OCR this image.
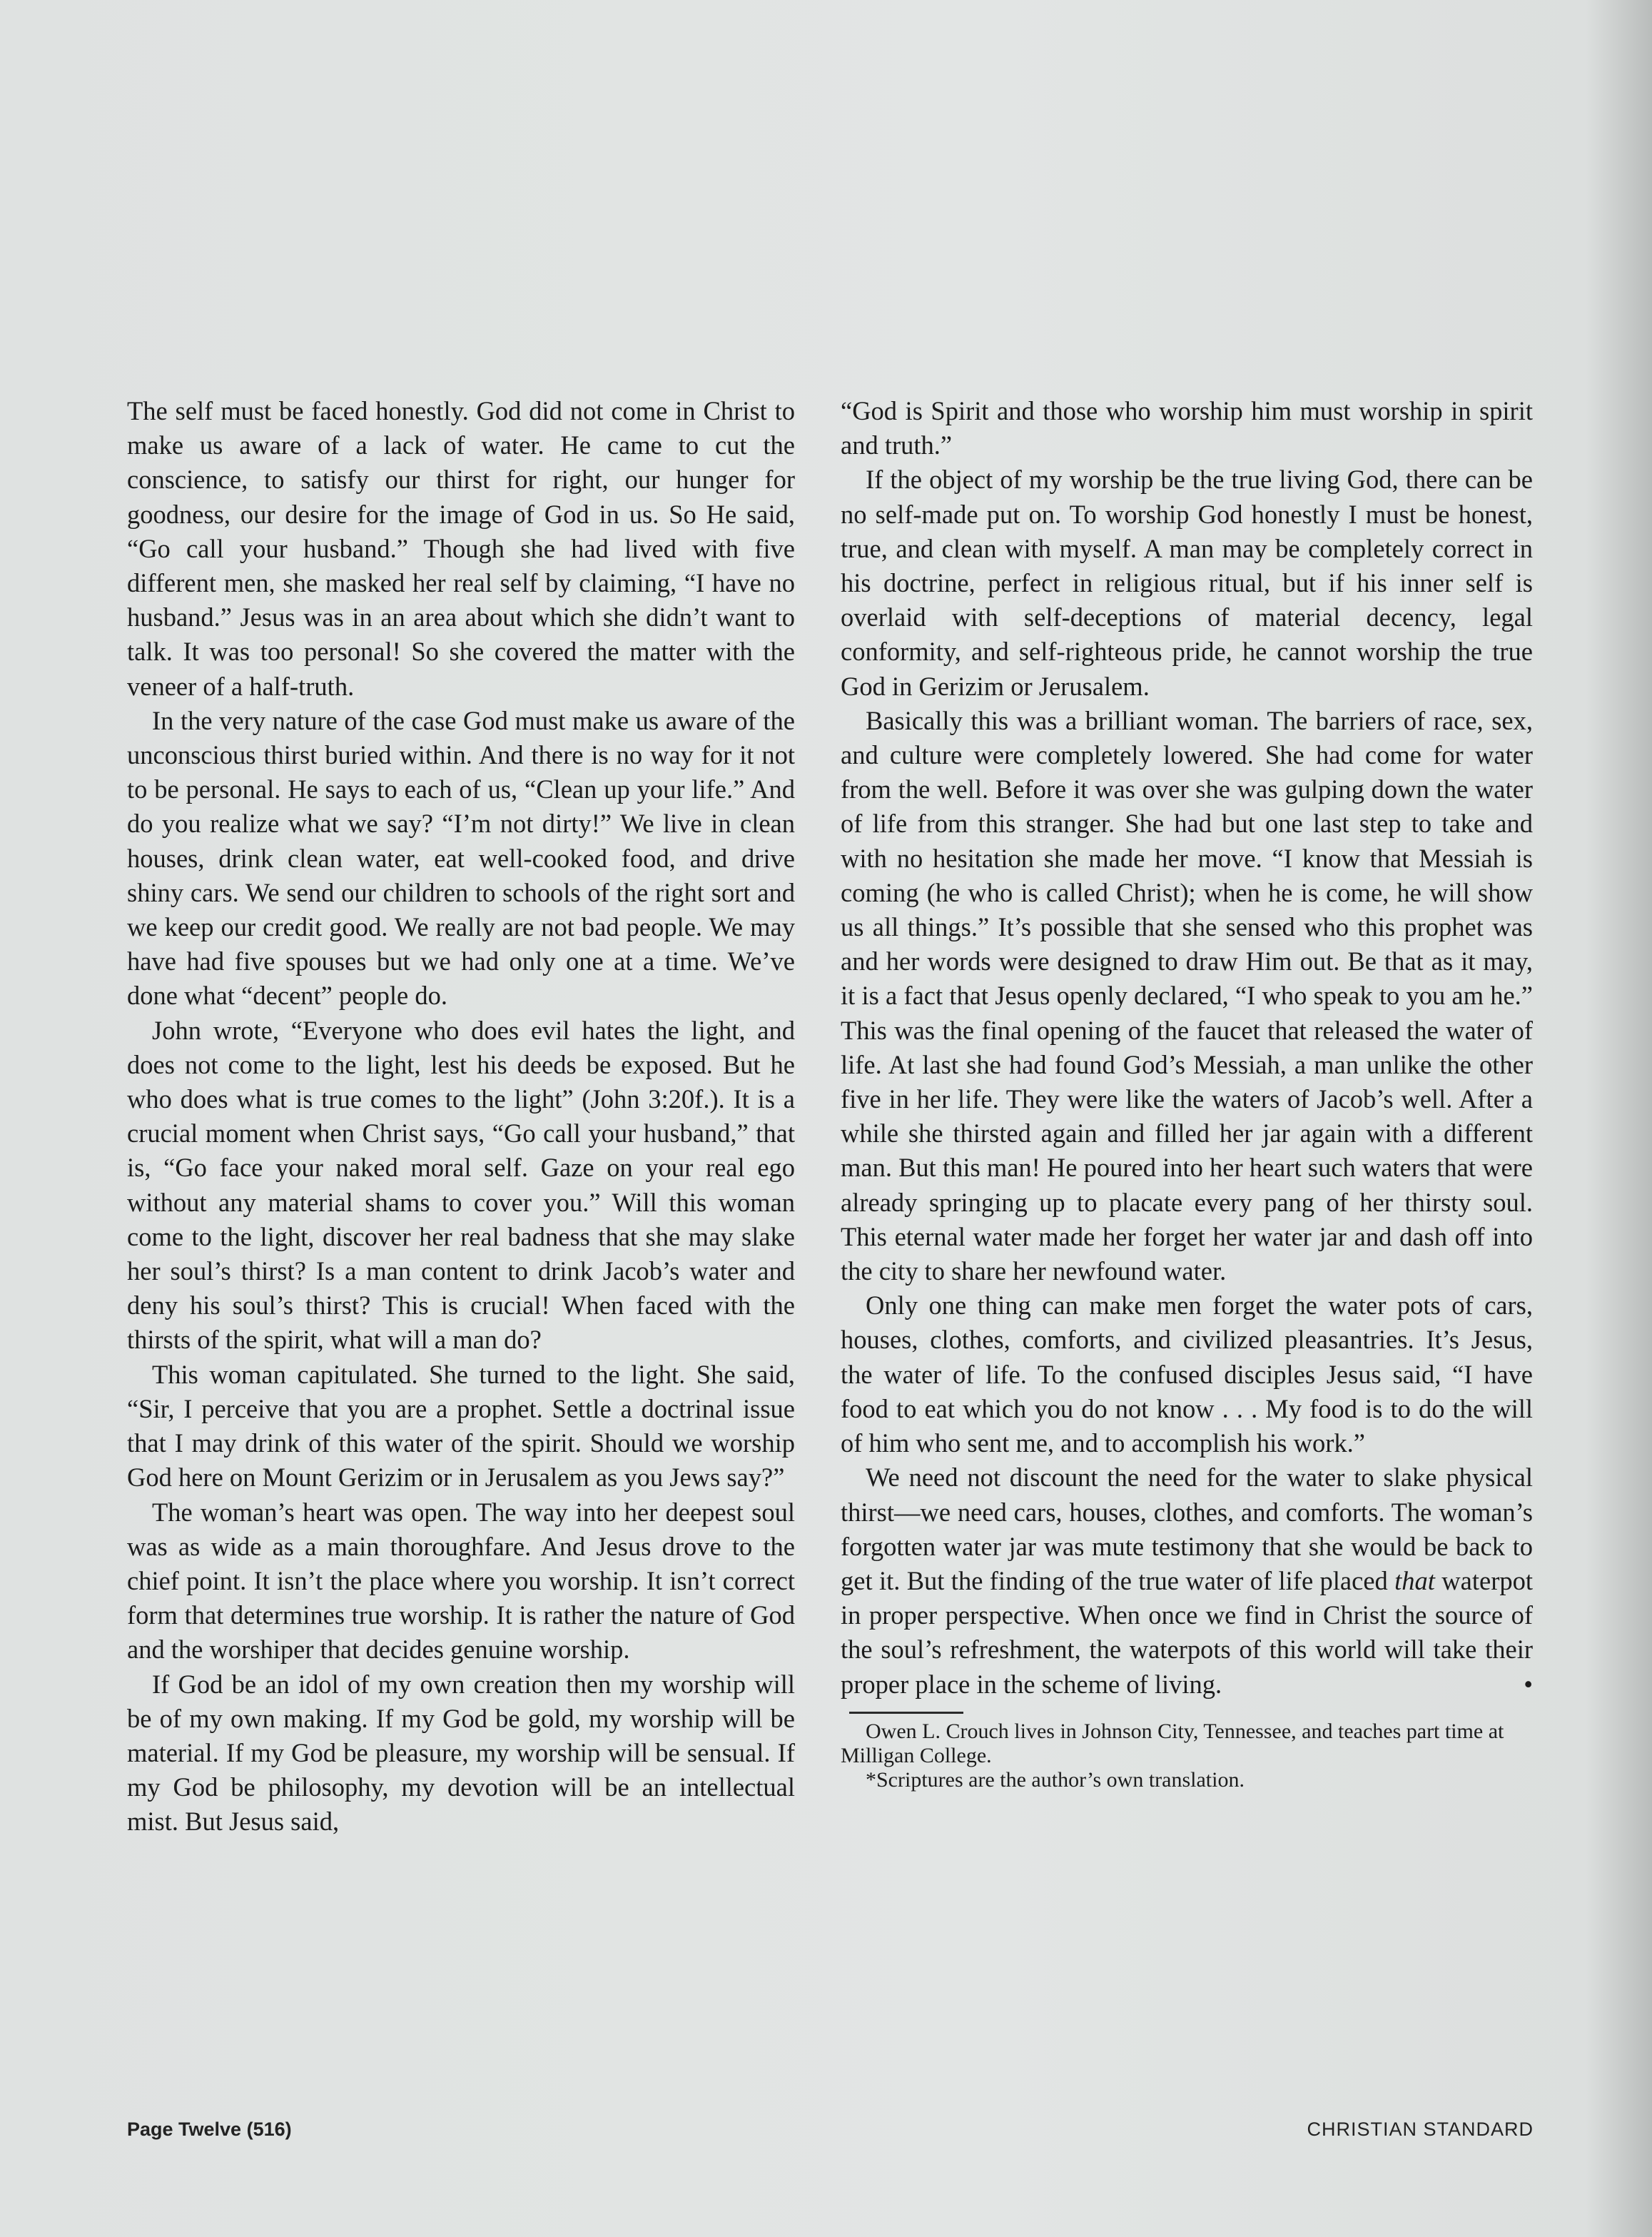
The self must be faced honestly. God did not come in Christ to make us aware of a lack of water. He came to cut the conscience, to satisfy our thirst for right, our hunger for goodness, our desire for the image of God in us. So He said, “Go call your husband.” Though she had lived with five different men, she masked her real self by claiming, “I have no husband.” Jesus was in an area about which she didn’t want to talk. It was too personal! So she covered the matter with the veneer of a half-truth.

In the very nature of the case God must make us aware of the unconscious thirst buried within. And there is no way for it not to be personal. He says to each of us, “Clean up your life.” And do you realize what we say? “I’m not dirty!” We live in clean houses, drink clean water, eat well-cooked food, and drive shiny cars. We send our children to schools of the right sort and we keep our credit good. We really are not bad people. We may have had five spouses but we had only one at a time. We’ve done what “decent” people do.

John wrote, “Everyone who does evil hates the light, and does not come to the light, lest his deeds be exposed. But he who does what is true comes to the light” (John 3:20f.). It is a crucial moment when Christ says, “Go call your husband,” that is, “Go face your naked moral self. Gaze on your real ego without any material shams to cover you.” Will this woman come to the light, discover her real badness that she may slake her soul’s thirst? Is a man content to drink Jacob’s water and deny his soul’s thirst? This is crucial! When faced with the thirsts of the spirit, what will a man do?

This woman capitulated. She turned to the light. She said, “Sir, I perceive that you are a prophet. Settle a doctrinal issue that I may drink of this water of the spirit. Should we worship God here on Mount Gerizim or in Jerusalem as you Jews say?”

The woman’s heart was open. The way into her deepest soul was as wide as a main thoroughfare. And Jesus drove to the chief point. It isn’t the place where you worship. It isn’t correct form that determines true worship. It is rather the nature of God and the worshiper that decides genuine worship.

If God be an idol of my own creation then my worship will be of my own making. If my God be gold, my worship will be material. If my God be pleasure, my worship will be sensual. If my God be philosophy, my devotion will be an intellectual mist. But Jesus said,

“God is Spirit and those who worship him must worship in spirit and truth.”

If the object of my worship be the true living God, there can be no self-made put on. To worship God honestly I must be honest, true, and clean with myself. A man may be completely correct in his doctrine, perfect in religious ritual, but if his inner self is overlaid with self-deceptions of material decency, legal conformity, and self-righteous pride, he cannot worship the true God in Gerizim or Jerusalem.

Basically this was a brilliant woman. The barriers of race, sex, and culture were completely lowered. She had come for water from the well. Before it was over she was gulping down the water of life from this stranger. She had but one last step to take and with no hesitation she made her move. “I know that Messiah is coming (he who is called Christ); when he is come, he will show us all things.” It’s possible that she sensed who this prophet was and her words were designed to draw Him out. Be that as it may, it is a fact that Jesus openly declared, “I who speak to you am he.” This was the final opening of the faucet that released the water of life. At last she had found God’s Messiah, a man unlike the other five in her life. They were like the waters of Jacob’s well. After a while she thirsted again and filled her jar again with a different man. But this man! He poured into her heart such waters that were already springing up to placate every pang of her thirsty soul. This eternal water made her forget her water jar and dash off into the city to share her newfound water.

Only one thing can make men forget the water pots of cars, houses, clothes, comforts, and civilized pleasantries. It’s Jesus, the water of life. To the confused disciples Jesus said, “I have food to eat which you do not know . . . My food is to do the will of him who sent me, and to accomplish his work.”

We need not discount the need for the water to slake physical thirst—we need cars, houses, clothes, and comforts. The woman’s forgotten water jar was mute testimony that she would be back to get it. But the finding of the true water of life placed that waterpot in proper perspective. When once we find in Christ the source of the soul’s refreshment, the waterpots of this world will take their proper place in the scheme of living.	•

Owen L. Crouch lives in Johnson City, Tennessee, and teaches part time at Milligan College.

*Scriptures are the author’s own translation.

Page Twelve (516)	CHRISTIAN STANDARD
